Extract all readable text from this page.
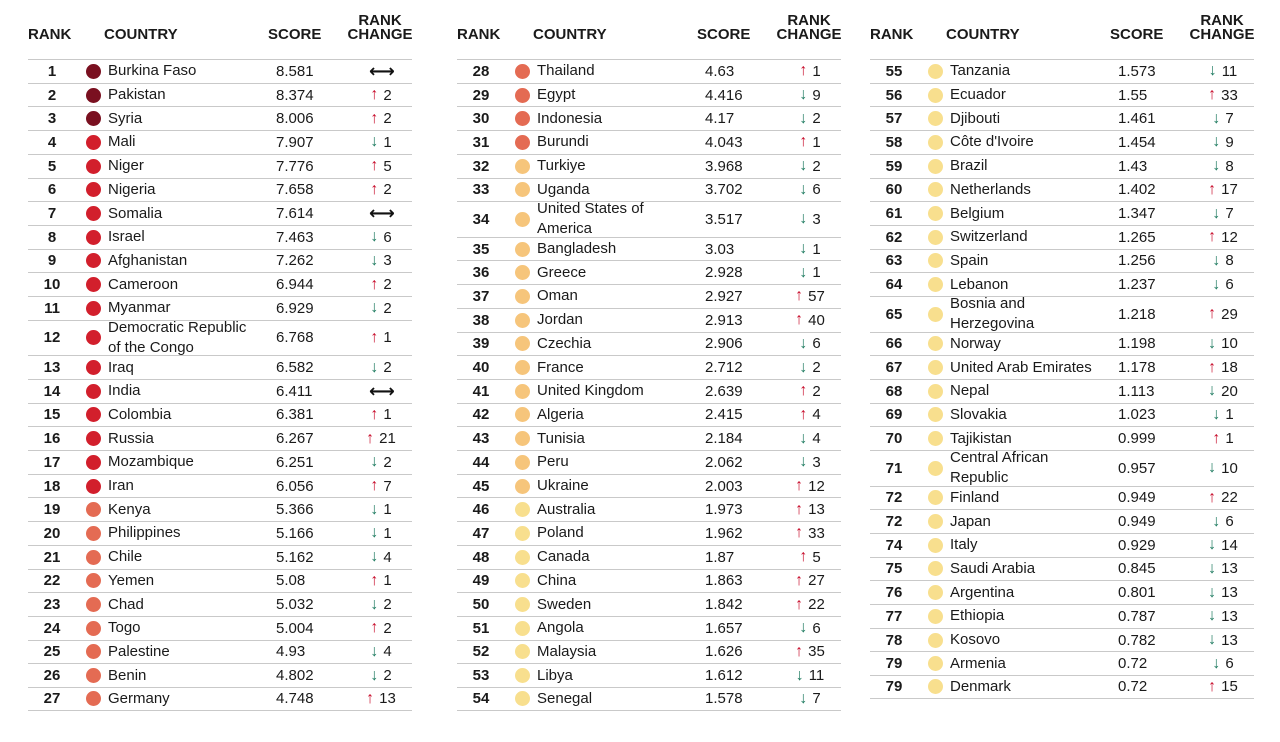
RANK COUNTRY	SCORE
RANK
CHANGE
1	Burkina Faso	8.581	⟷
2	Pakistan	8.374	↑ 2
3	Syria	8.006	↑ 2
4	Mali	7.907	↓ 1
5	Niger	7.776	↑ 5
6	Nigeria	7.658	↑ 2
7	Somalia	7.614	⟷
8	Israel	7.463	↓ 6
9	Afghanistan	7.262	↓ 3
10	Cameroon	6.944	↑ 2
11	Myanmar	6.929	↓ 2
12
Democratic Republic
of the Congo
6.768	↑ 1
13	Iraq	6.582	↓ 2
14	India	6.411	⟷
15	Colombia	6.381	↑ 1
16	Russia	6.267	↑ 21
17	Mozambique	6.251	↓ 2
18	Iran	6.056	↑ 7
19	Kenya	5.366	↓ 1
20	Philippines	5.166	↓ 1
21	Chile	5.162	↓ 4
22	Yemen	5.08	↑ 1
23	Chad	5.032	↓ 2
24	Togo	5.004	↑ 2
25	Palestine	4.93	↓ 4
26	Benin	4.802	↓ 2
27	Germany	4.748	↑ 13
RANK COUNTRY	SCORE
RANK
CHANGE
28	Thailand	4.63	↑ 1
29	Egypt	4.416	↓ 9
30	Indonesia	4.17	↓ 2
31	Burundi	4.043	↑ 1
32	Turkiye	3.968	↓ 2
33	Uganda	3.702	↓ 6
34
United States of
America
3.517	↓ 3
35	Bangladesh	3.03	↓ 1
36	Greece	2.928	↓ 1
37	Oman	2.927	↑ 57
38	Jordan	2.913	↑ 40
39	Czechia	2.906	↓ 6
40	France	2.712	↓ 2
41	United Kingdom	2.639	↑ 2
42	Algeria	2.415	↑ 4
43	Tunisia	2.184	↓ 4
44	Peru	2.062	↓ 3
45	Ukraine	2.003	↑ 12
46	Australia	1.973	↑ 13
47	Poland	1.962	↑ 33
48	Canada	1.87	↑ 5
49	China	1.863	↑ 27
50	Sweden	1.842	↑ 22
51	Angola	1.657	↓ 6
52	Malaysia	1.626	↑ 35
53	Libya	1.612	↓ 11
54	Senegal	1.578	↓ 7
RANK COUNTRY	SCORE
RANK
CHANGE
55	Tanzania	1.573	↓ 11
56	Ecuador	1.55	↑ 33
57	Djibouti	1.461	↓ 7
58	Côte d'Ivoire	1.454	↓ 9
59	Brazil	1.43	↓ 8
60	Netherlands	1.402	↑ 17
61	Belgium	1.347	↓ 7
62	Switzerland	1.265	↑ 12
63	Spain	1.256	↓ 8
64	Lebanon	1.237	↓ 6
65
Bosnia and
Herzegovina
1.218	↑ 29
66	Norway	1.198	↓ 10
67	United Arab Emirates 1.178	↑ 18
68	Nepal	1.113	↓ 20
69	Slovakia	1.023	↓ 1
70	Tajikistan	0.999	↑ 1
71
Central African
Republic
0.957	↓ 10
72	Finland	0.949	↑ 22
72	Japan	0.949	↓ 6
74	Italy	0.929	↓ 14
75	Saudi Arabia	0.845	↓ 13
76	Argentina	0.801	↓ 13
77	Ethiopia	0.787	↓ 13
78	Kosovo	0.782	↓ 13
79	Armenia	0.72	↓ 6
79	Denmark	0.72	↑ 15
